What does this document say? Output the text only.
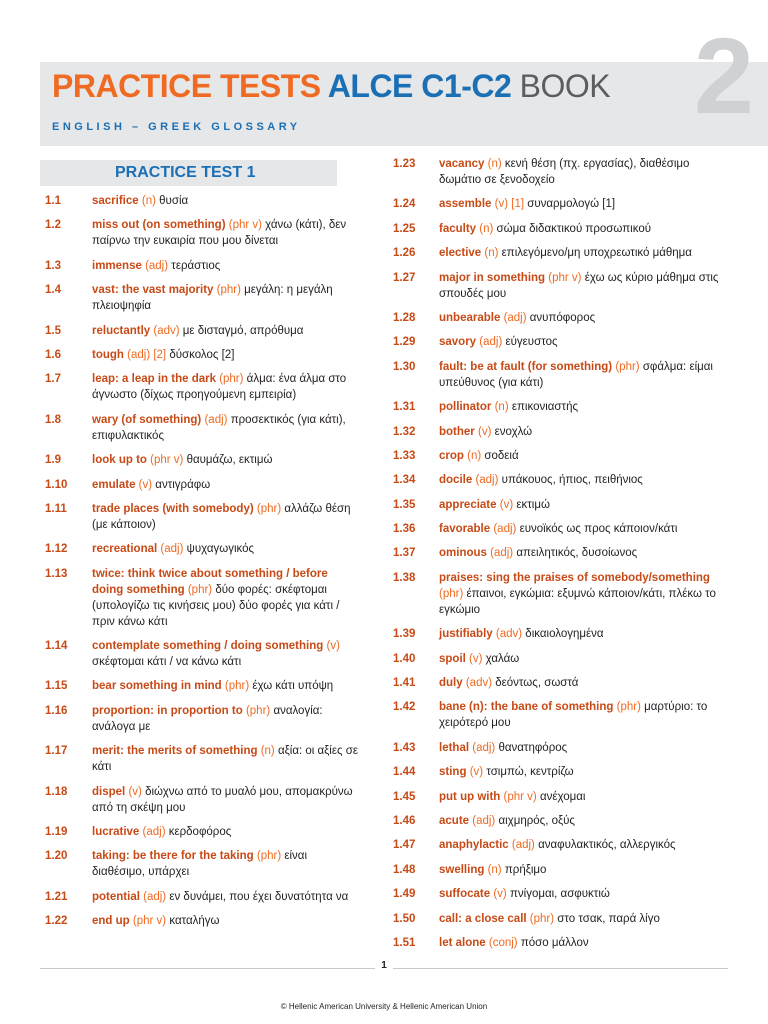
2
PRACTICE TESTS ALCE C1-C2 BOOK
ENGLISH – GREEK GLOSSARY
PRACTICE TEST 1
1.1	sacrifice (n) θυσία
1.2	miss out (on something) (phr v) χάνω (κάτι), δεν παίρνω την ευκαιρία που μου δίνεται
1.3	immense (adj) τεράστιος
1.4	vast: the vast majority (phr) μεγάλη: η μεγάλη πλειοψηφία
1.5	reluctantly (adv) με δισταγμό, απρόθυμα
1.6	tough (adj) [2] δύσκολος [2]
1.7	leap: a leap in the dark (phr) άλμα: ένα άλμα στο άγνωστο (δίχως προηγούμενη εμπειρία)
1.8	wary (of something) (adj) προσεκτικός (για κάτι), επιφυλακτικός
1.9	look up to (phr v) θαυμάζω, εκτιμώ
1.10	emulate (v) αντιγράφω
1.11	trade places (with somebody) (phr) αλλάζω θέση (με κάποιον)
1.12	recreational (adj) ψυχαγωγικός
1.13	twice: think twice about something / before doing something (phr) δύο φορές: σκέφτομαι (υπολογίζω τις κινήσεις μου) δύο φορές για κάτι / πριν κάνω κάτι
1.14	contemplate something / doing something (v) σκέφτομαι κάτι / να κάνω κάτι
1.15	bear something in mind (phr) έχω κάτι υπόψη
1.16	proportion: in proportion to (phr) αναλογία: ανάλογα με
1.17	merit: the merits of something (n) αξία: οι αξίες σε κάτι
1.18	dispel (v) διώχνω από το μυαλό μου, απομακρύνω από τη σκέψη μου
1.19	lucrative (adj) κερδοφόρος
1.20	taking: be there for the taking (phr) είναι διαθέσιμο, υπάρχει
1.21	potential (adj) εν δυνάμει, που έχει δυνατότητα να
1.22	end up (phr v) καταλήγω
1.23	vacancy (n) κενή θέση (πχ. εργασίας), διαθέσιμο δωμάτιο σε ξενοδοχείο
1.24	assemble (v) [1] συναρμολογώ [1]
1.25	faculty (n) σώμα διδακτικού προσωπικού
1.26	elective (n) επιλεγόμενο/μη υποχρεωτικό μάθημα
1.27	major in something (phr v) έχω ως κύριο μάθημα στις σπουδές μου
1.28	unbearable (adj) ανυπόφορος
1.29	savory (adj) εύγευστος
1.30	fault: be at fault (for something) (phr) σφάλμα: είμαι υπεύθυνος (για κάτι)
1.31	pollinator (n) επικονιαστής
1.32	bother (v) ενοχλώ
1.33	crop (n) σοδειά
1.34	docile (adj) υπάκουος, ήπιος, πειθήνιος
1.35	appreciate (v) εκτιμώ
1.36	favorable (adj) ευνοϊκός ως προς κάποιον/κάτι
1.37	ominous (adj) απειλητικός, δυσοίωνος
1.38	praises: sing the praises of somebody/something (phr) έπαινοι, εγκώμια: εξυμνώ κάποιον/κάτι, πλέκω το εγκώμιο
1.39	justifiably (adv) δικαιολογημένα
1.40	spoil (v) χαλάω
1.41	duly (adv) δεόντως, σωστά
1.42	bane (n): the bane of something (phr) μαρτύριο: το χειρότερό μου
1.43	lethal (adj) θανατηφόρος
1.44	sting (v) τσιμπώ, κεντρίζω
1.45	put up with (phr v) ανέχομαι
1.46	acute (adj) αιχμηρός, οξύς
1.47	anaphylactic (adj) αναφυλακτικός, αλλεργικός
1.48	swelling (n) πρήξιμο
1.49	suffocate (v) πνίγομαι, ασφυκτιώ
1.50	call: a close call (phr) στο τσακ, παρά λίγο
1.51	let alone (conj) πόσο μάλλον
1
© Hellenic American University & Hellenic American Union
